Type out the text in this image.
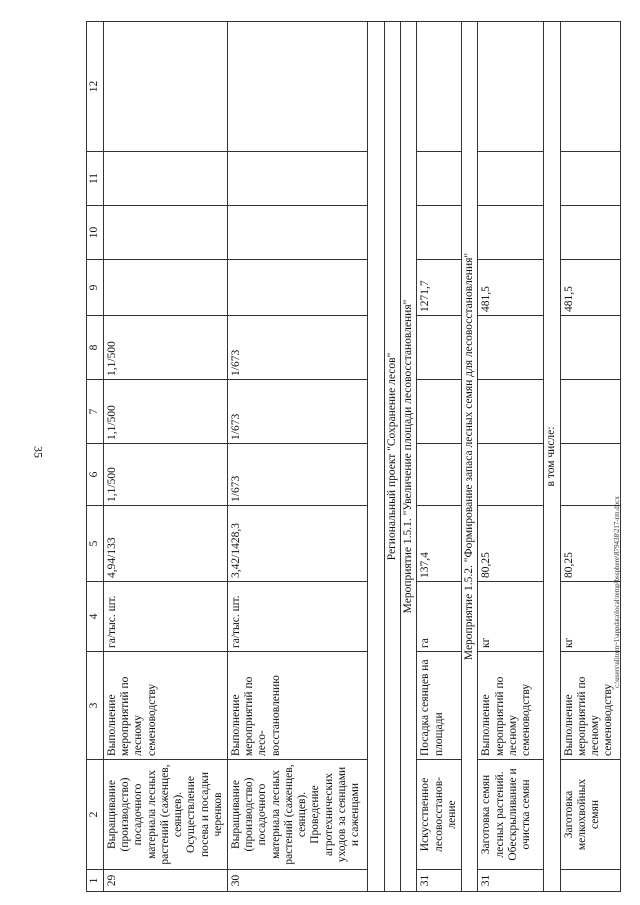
35
c:\users\ulitorn~1\appdata\local\temp\bssphere\879438\217-rm.docx
1	2	3	4	5	6	7	8	9	10	11	12
29	Выращивание (производство) посадочного материала лесных растений (саженцев, сеянцев). Осуществление посева и посадки черенков	Выполнение мероприятий по лесному семеноводству	га/тыс. шт.	4,94/133	1,1/500	1,1/500	1,1/500				
30	Выращивание (производство) посадочного материала лесных растений (саженцев, сеянцев). Проведение агротехнических уходов за сеянцами и саженцами	Выполнение мероприятий по лесо-восстановлению	га/тыс. шт.	3,42/1428,3	1/673	1/673	1/673				

Региональный проект "Сохранение лесов"											
Мероприятие 1.5.1. "Увеличение площади лесовосстановления"											
31	Искусственное лесовосстанов-ление	Посадка сеянцев на площади	га	137,4				1271,7			
Мероприятие 1.5.2. "Формирование запаса лесных семян для лесовосстановления"											
31	Заготовка семян лесных растений. Обескрыливание и очистка семян	Выполнение мероприятий по лесному семеноводству	кг	80,25				481,5			
в том числе:											
	Заготовка мелкохвойных семян	Выполнение мероприятий по лесному семеноводству	кг	80,25				481,5			
